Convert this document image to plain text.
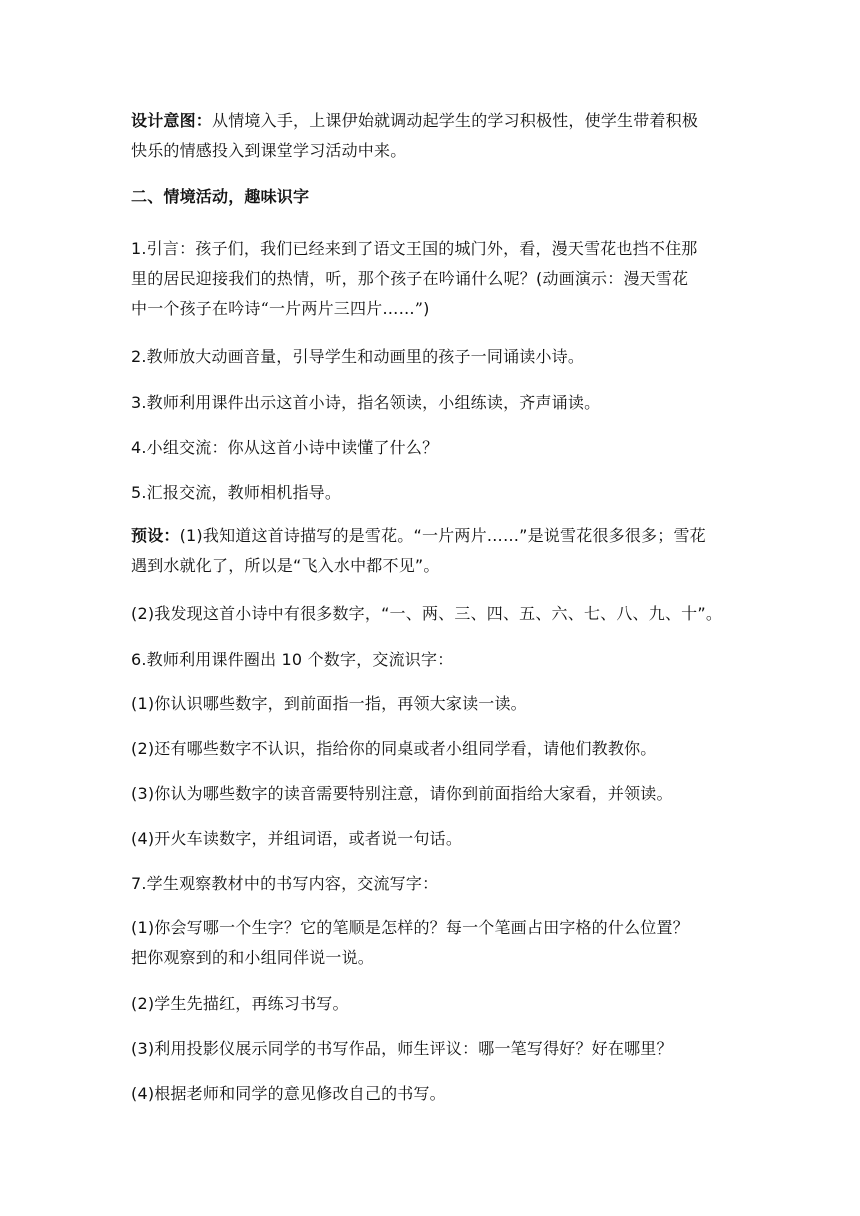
设计意图：从情境入手，上课伊始就调动起学生的学习积极性，使学生带着积极
快乐的情感投入到课堂学习活动中来。
二、情境活动，趣味识字
1.引言：孩子们，我们已经来到了语文王国的城门外，看，漫天雪花也挡不住那
里的居民迎接我们的热情，听，那个孩子在吟诵什么呢？(动画演示：漫天雪花
中一个孩子在吟诗“一片两片三四片……”)
2.教师放大动画音量，引导学生和动画里的孩子一同诵读小诗。
3.教师利用课件出示这首小诗，指名领读，小组练读，齐声诵读。
4.小组交流：你从这首小诗中读懂了什么？
5.汇报交流，教师相机指导。
预设：(1)我知道这首诗描写的是雪花。“一片两片……”是说雪花很多很多；雪花
遇到水就化了，所以是“飞入水中都不见”。
(2)我发现这首小诗中有很多数字，“一、两、三、四、五、六、七、八、九、十”。
6.教师利用课件圈出 10 个数字，交流识字：
(1)你认识哪些数字，到前面指一指，再领大家读一读。
(2)还有哪些数字不认识，指给你的同桌或者小组同学看，请他们教教你。
(3)你认为哪些数字的读音需要特别注意，请你到前面指给大家看，并领读。
(4)开火车读数字，并组词语，或者说一句话。
7.学生观察教材中的书写内容，交流写字：
(1)你会写哪一个生字？它的笔顺是怎样的？每一个笔画占田字格的什么位置？
把你观察到的和小组同伴说一说。
(2)学生先描红，再练习书写。
(3)利用投影仪展示同学的书写作品，师生评议：哪一笔写得好？好在哪里？
(4)根据老师和同学的意见修改自己的书写。
